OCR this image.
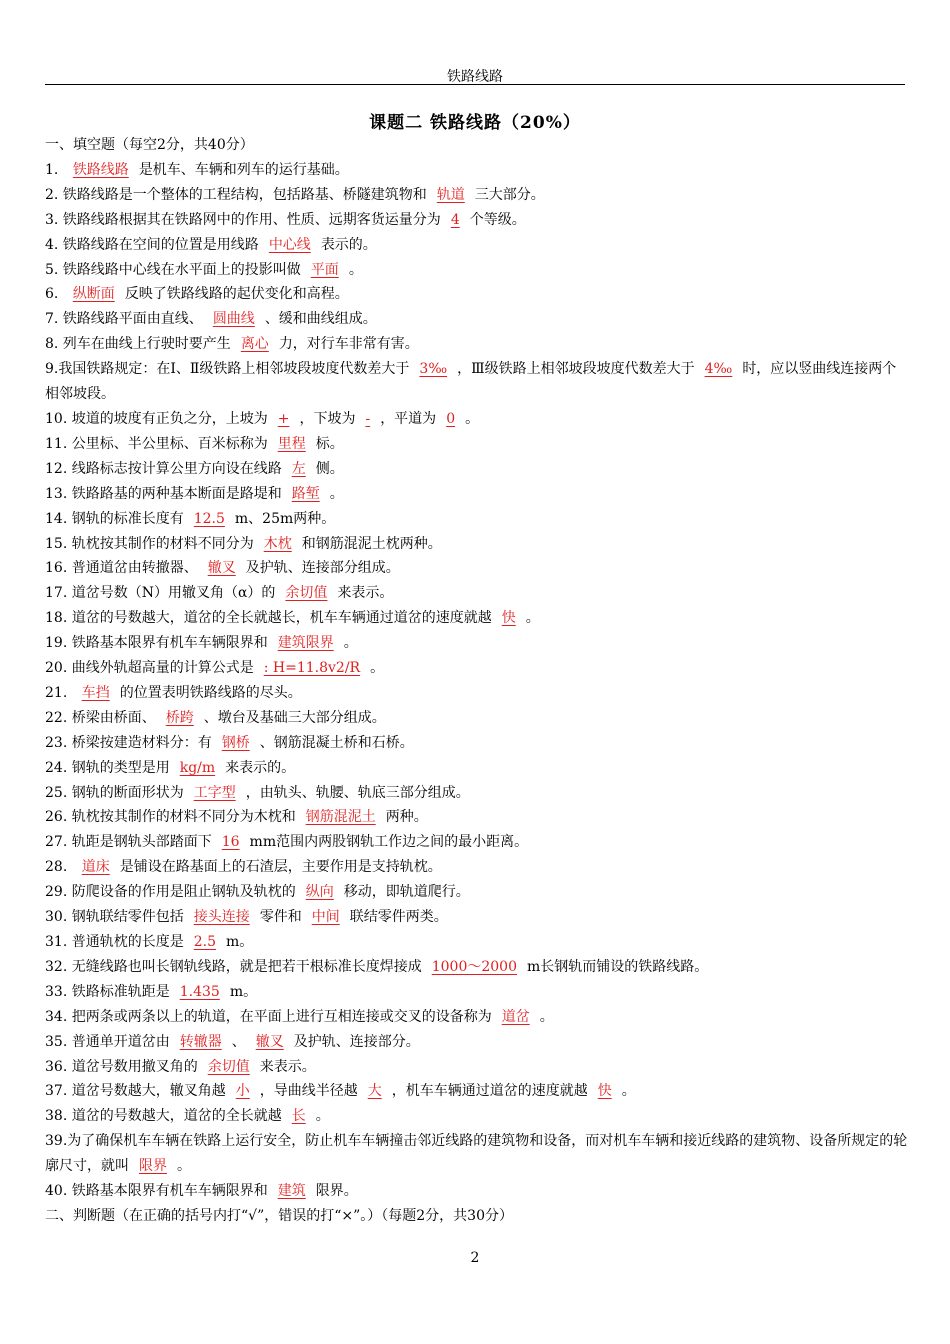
铁路线路
课题二 铁路线路（20%）
一、填空题（每空2分，共40分）
1. 铁路线路 是机车、车辆和列车的运行基础。
2. 铁路线路是一个整体的工程结构，包括路基、桥隧建筑物和 轨道 三大部分。
3. 铁路线路根据其在铁路网中的作用、性质、远期客货运量分为 4 个等级。
4. 铁路线路在空间的位置是用线路 中心线 表示的。
5. 铁路线路中心线在水平面上的投影叫做 平面 。
6. 纵断面 反映了铁路线路的起伏变化和高程。
7. 铁路线路平面由直线、 圆曲线 、缓和曲线组成。
8. 列车在曲线上行驶时要产生 离心 力，对行车非常有害。
9.我国铁路规定：在Ⅰ、Ⅱ级铁路上相邻坡段坡度代数差大于 3‰ ，Ⅲ级铁路上相邻坡段坡度代数差大于 4‰ 时，应以竖曲线连接两个相邻坡段。
10. 坡道的坡度有正负之分，上坡为 + ，下坡为 - ，平道为 0 。
11. 公里标、半公里标、百米标称为 里程 标。
12. 线路标志按计算公里方向设在线路 左 侧。
13. 铁路路基的两种基本断面是路堤和 路堑 。
14. 钢轨的标准长度有 12.5 m、25m两种。
15. 轨枕按其制作的材料不同分为 木枕 和钢筋混泥土枕两种。
16. 普通道岔由转撤器、 辙叉 及护轨、连接部分组成。
17. 道岔号数（N）用辙叉角（α）的 余切值 来表示。
18. 道岔的号数越大，道岔的全长就越长，机车车辆通过道岔的速度就越 快 。
19. 铁路基本限界有机车车辆限界和 建筑限界 。
20. 曲线外轨超高量的计算公式是 : H=11.8v2/R 。
21. 车挡 的位置表明铁路线路的尽头。
22. 桥梁由桥面、 桥跨 、墩台及基础三大部分组成。
23. 桥梁按建造材料分：有 钢桥 、钢筋混凝土桥和石桥。
24. 钢轨的类型是用 kg/m 来表示的。
25. 钢轨的断面形状为 工字型 ，由轨头、轨腰、轨底三部分组成。
26. 轨枕按其制作的材料不同分为木枕和 钢筋混泥土 两种。
27. 轨距是钢轨头部踏面下 16 mm范围内两股钢轨工作边之间的最小距离。
28. 道床 是铺设在路基面上的石渣层，主要作用是支持轨枕。
29. 防爬设备的作用是阻止钢轨及轨枕的 纵向 移动，即轨道爬行。
30. 钢轨联结零件包括 接头连接 零件和 中间 联结零件两类。
31. 普通轨枕的长度是 2.5 m。
32. 无缝线路也叫长钢轨线路，就是把若干根标准长度焊接成 1000～2000 m长钢轨而铺设的铁路线路。
33. 铁路标准轨距是 1.435 m。
34. 把两条或两条以上的轨道，在平面上进行互相连接或交叉的设备称为 道岔 。
35. 普通单开道岔由 转辙器 、 辙叉 及护轨、连接部分。
36. 道岔号数用撤叉角的 余切值 来表示。
37. 道岔号数越大，辙叉角越 小 ，导曲线半径越 大 ，机车车辆通过道岔的速度就越 快 。
38. 道岔的号数越大，道岔的全长就越 长 。
39.为了确保机车车辆在铁路上运行安全，防止机车车辆撞击邻近线路的建筑物和设备，而对机车车辆和接近线路的建筑物、设备所规定的轮廓尺寸，就叫 限界 。
40. 铁路基本限界有机车车辆限界和 建筑 限界。
二、判断题（在正确的括号内打“√”，错误的打“×”。）（每题2分，共30分）
2
